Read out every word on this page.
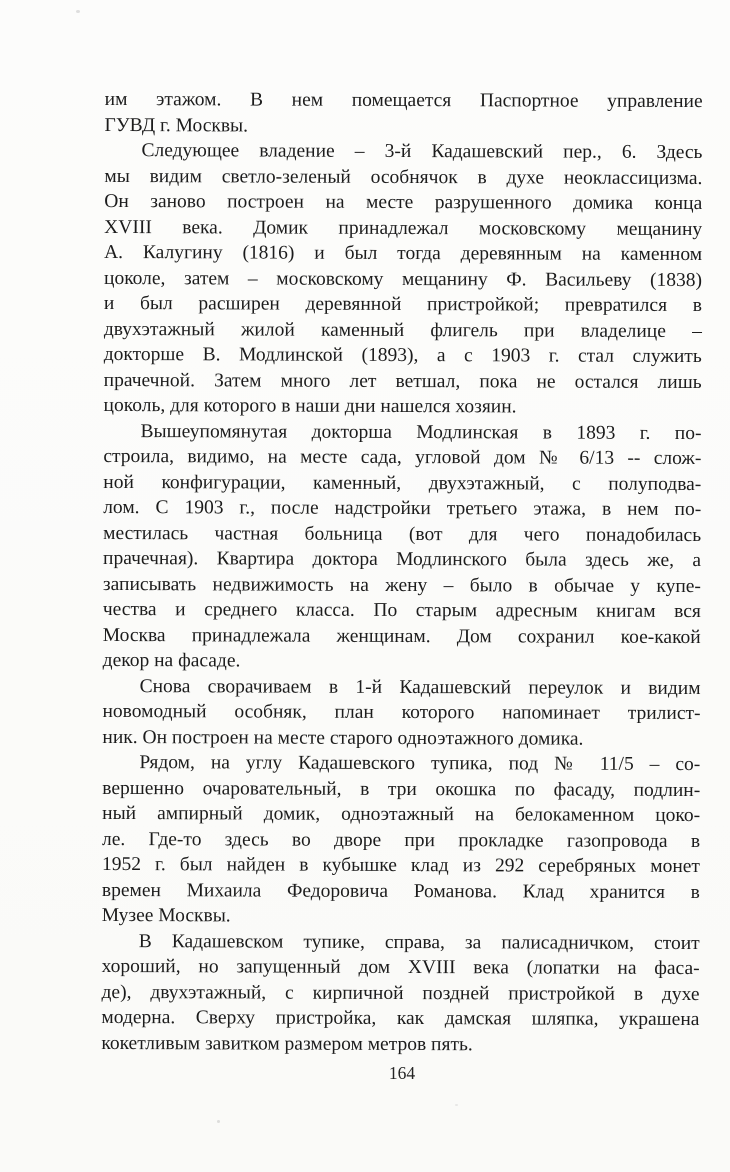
им этажом. В нем помещается Паспортное управление
ГУВД г. Москвы.
Следующее владение – 3-й Кадашевский пер., 6. Здесь
мы видим светло-зеленый особнячок в духе неоклассицизма.
Он заново построен на месте разрушенного домика конца
XVIII века. Домик принадлежал московскому мещанину
А. Калугину (1816) и был тогда деревянным на каменном
цоколе, затем – московскому мещанину Ф. Васильеву (1838)
и был расширен деревянной пристройкой; превратился в
двухэтажный жилой каменный флигель при владелице –
докторше В. Модлинской (1893), а с 1903 г. стал служить
прачечной. Затем много лет ветшал, пока не остался лишь
цоколь, для которого в наши дни нашелся хозяин.
Вышеупомянутая докторша Модлинская в 1893 г. по-
строила, видимо, на месте сада, угловой дом № 6/13 -- слож-
ной конфигурации, каменный, двухэтажный, с полуподва-
лом. С 1903 г., после надстройки третьего этажа, в нем по-
местилась частная больница (вот для чего понадобилась
прачечная). Квартира доктора Модлинского была здесь же, а
записывать недвижимость на жену – было в обычае у купе-
чества и среднего класса. По старым адресным книгам вся
Москва принадлежала женщинам. Дом сохранил кое-какой
декор на фасаде.
Снова сворачиваем в 1-й Кадашевский переулок и видим
новомодный особняк, план которого напоминает трилист-
ник. Он построен на месте старого одноэтажного домика.
Рядом, на углу Кадашевского тупика, под № 11/5 – со-
вершенно очаровательный, в три окошка по фасаду, подлин-
ный ампирный домик, одноэтажный на белокаменном цоко-
ле. Где-то здесь во дворе при прокладке газопровода в
1952 г. был найден в кубышке клад из 292 серебряных монет
времен Михаила Федоровича Романова. Клад хранится в
Музее Москвы.
В Кадашевском тупике, справа, за палисадничком, стоит
хороший, но запущенный дом XVIII века (лопатки на фаса-
де), двухэтажный, с кирпичной поздней пристройкой в духе
модерна. Сверху пристройка, как дамская шляпка, украшена
кокетливым завитком размером метров пять.
164
